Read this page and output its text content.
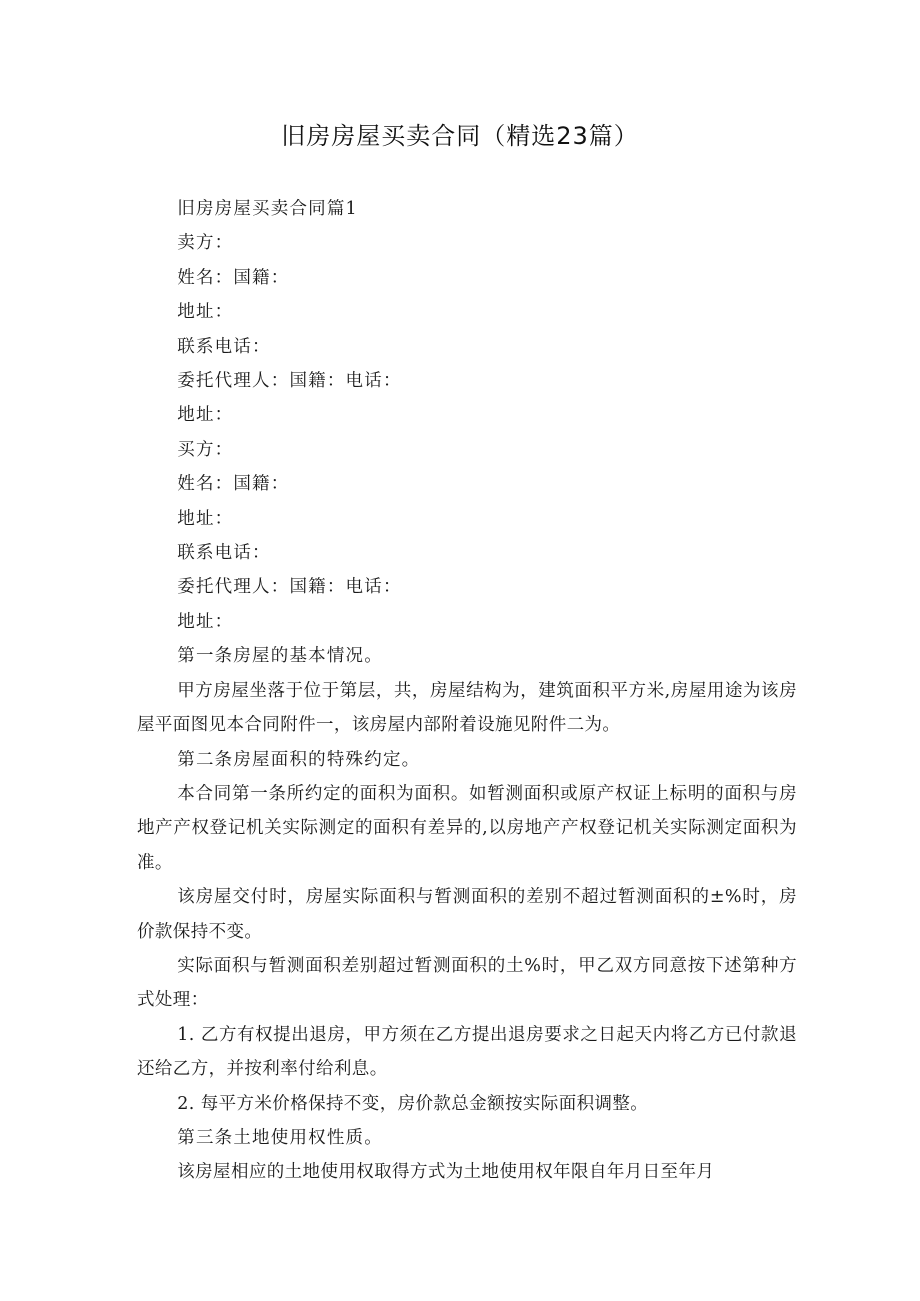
旧房房屋买卖合同（精选23篇）

旧房房屋买卖合同篇1

卖方：

姓名：国籍：

地址：

联系电话：

委托代理人：国籍：电话：

地址：

买方：

姓名：国籍：

地址：

联系电话：

委托代理人：国籍：电话：

地址：

第一条房屋的基本情况。

甲方房屋坐落于位于第层，共，房屋结构为，建筑面积平方米,房屋用途为该房屋平面图见本合同附件一，该房屋内部附着设施见附件二为。

第二条房屋面积的特殊约定。

本合同第一条所约定的面积为面积。如暂测面积或原产权证上标明的面积与房地产产权登记机关实际测定的面积有差异的,以房地产产权登记机关实际测定面积为准。

该房屋交付时，房屋实际面积与暂测面积的差别不超过暂测面积的±%时，房价款保持不变。

实际面积与暂测面积差别超过暂测面积的土%时，甲乙双方同意按下述第种方式处理：

1. 乙方有权提出退房，甲方须在乙方提出退房要求之日起天内将乙方已付款退还给乙方，并按利率付给利息。

2. 每平方米价格保持不变，房价款总金额按实际面积调整。

第三条土地使用权性质。

该房屋相应的土地使用权取得方式为土地使用权年限自年月日至年月
